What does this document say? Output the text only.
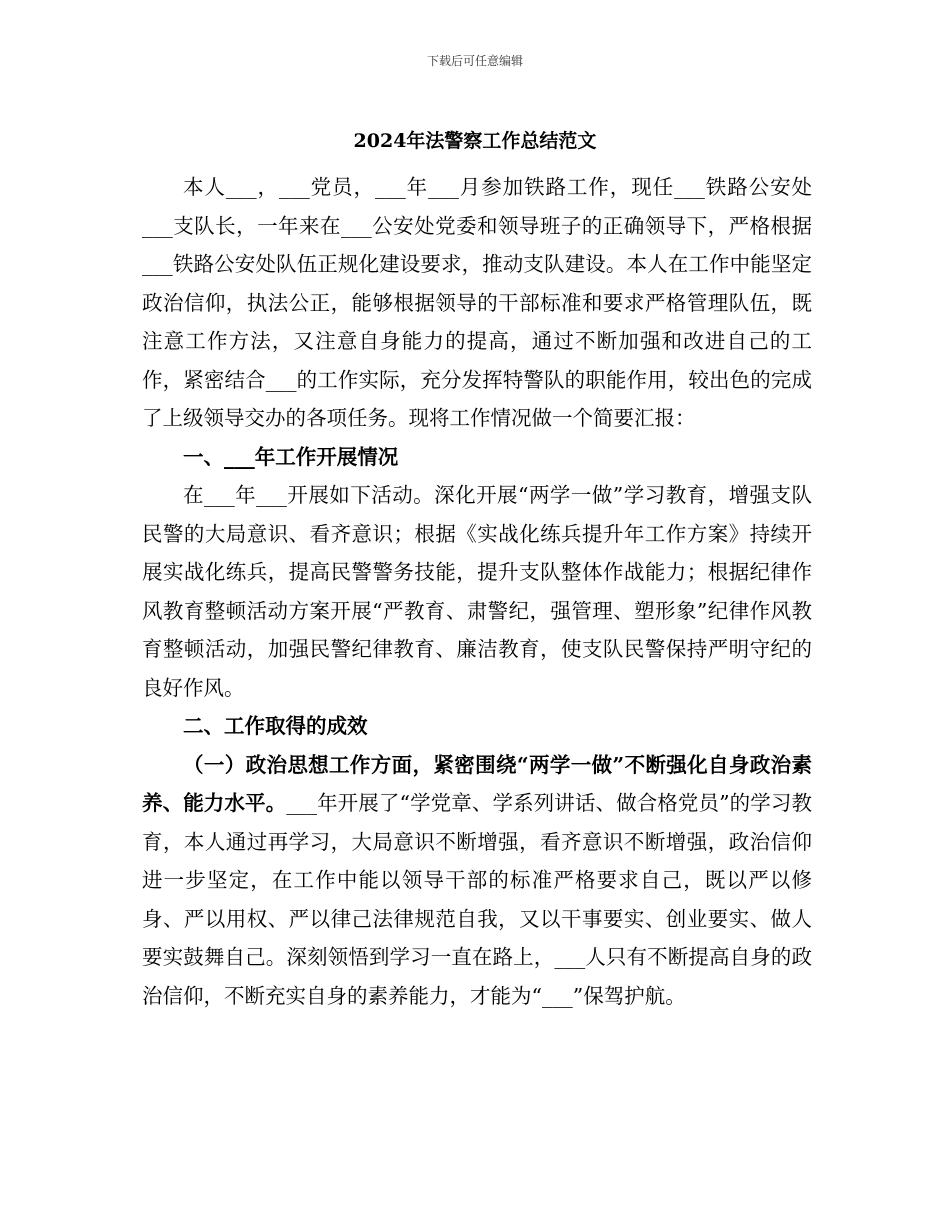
下载后可任意编辑
2024年法警察工作总结范文

本人___，___党员，___年___月参加铁路工作，现任___铁路公安处___支队长，一年来在___公安处党委和领导班子的正确领导下，严格根据___铁路公安处队伍正规化建设要求，推动支队建设。本人在工作中能坚定政治信仰，执法公正，能够根据领导的干部标准和要求严格管理队伍，既注意工作方法，又注意自身能力的提高，通过不断加强和改进自己的工作，紧密结合___的工作实际，充分发挥特警队的职能作用，较出色的完成了上级领导交办的各项任务。现将工作情况做一个简要汇报：

一、___年工作开展情况

在___年___开展如下活动。深化开展“两学一做”学习教育，增强支队民警的大局意识、看齐意识；根据《实战化练兵提升年工作方案》持续开展实战化练兵，提高民警警务技能，提升支队整体作战能力；根据纪律作风教育整顿活动方案开展“严教育、肃警纪，强管理、塑形象”纪律作风教育整顿活动，加强民警纪律教育、廉洁教育，使支队民警保持严明守纪的良好作风。

二、工作取得的成效

（一）政治思想工作方面，紧密围绕“两学一做”不断强化自身政治素养、能力水平。___年开展了“学党章、学系列讲话、做合格党员”的学习教育，本人通过再学习，大局意识不断增强，看齐意识不断增强，政治信仰进一步坚定，在工作中能以领导干部的标准严格要求自己，既以严以修身、严以用权、严以律己法律规范自我，又以干事要实、创业要实、做人要实鼓舞自己。深刻领悟到学习一直在路上，___人只有不断提高自身的政治信仰，不断充实自身的素养能力，才能为“___”保驾护航。
